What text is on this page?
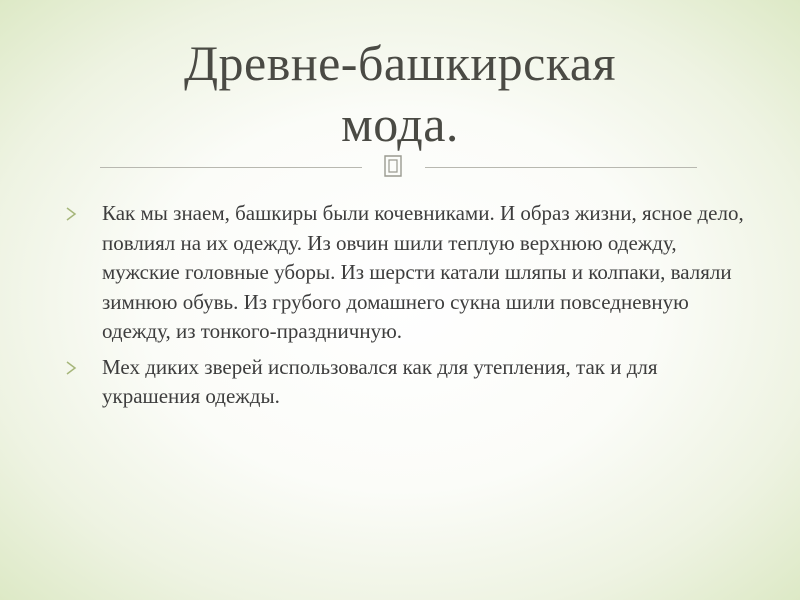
Древне-башкирская
мода.
Как мы знаем, башкиры были кочевниками. И образ жизни, ясное дело, повлиял на их одежду. Из овчин шили теплую верхнюю одежду, мужские головные уборы. Из шерсти катали шляпы и колпаки, валяли зимнюю обувь. Из грубого домашнего сукна шили повседневную одежду, из тонкого-праздничную.
Мех диких зверей использовался как для утепления, так и для украшения одежды.
